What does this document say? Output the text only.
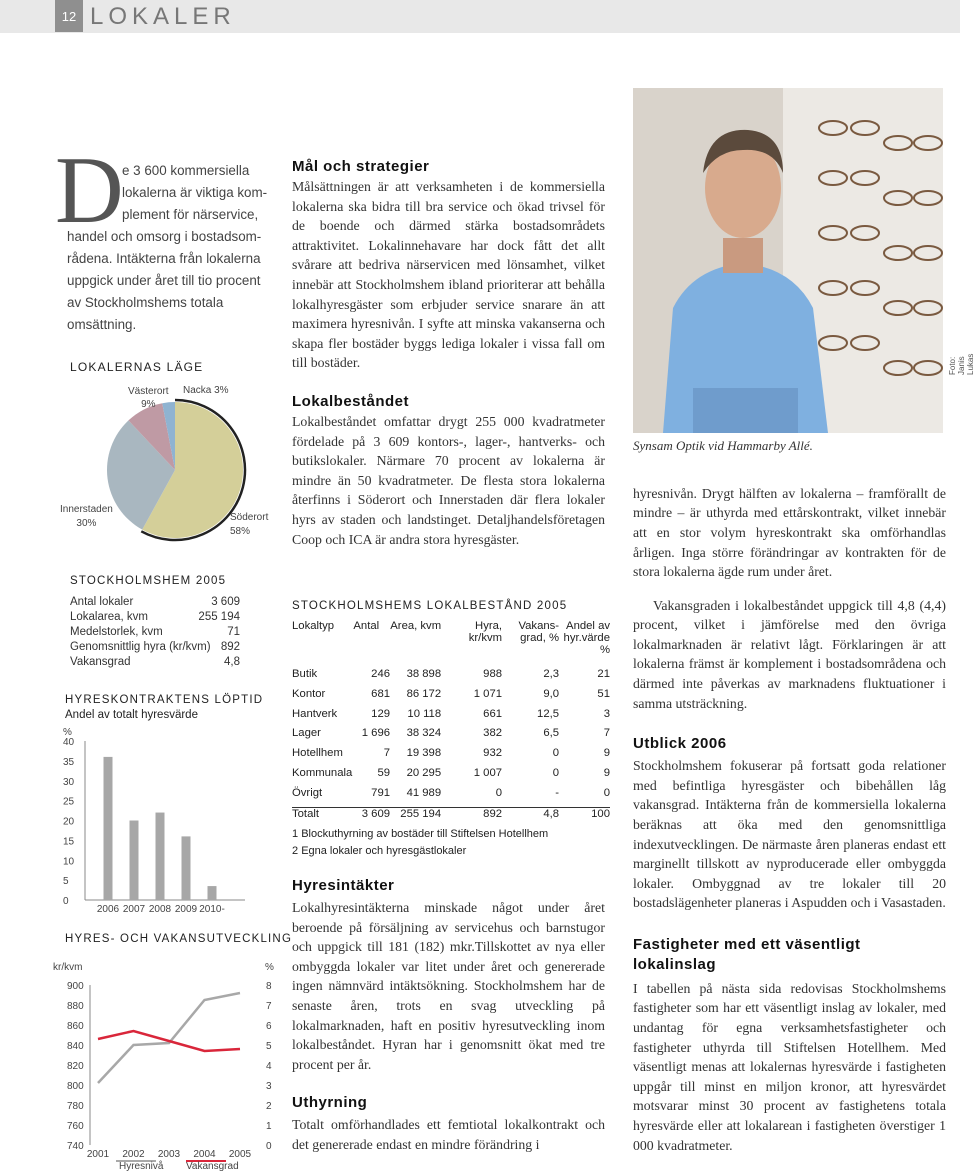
12 LOKALER
D

e 3 600 kommersiella

lokalerna är viktiga kom-

plement för närservice,

handel och omsorg i bostadsom-

rådena. Intäkterna från lokalerna

uppgick under året till tio procent

av Stockholmshems totala

omsättning.

LOKALERNAS LÄGE
Västerort
9%
Nacka 3%
Innerstaden
30%
Söderort
58%
STOCKHOLMSHEM 2005
Antal lokaler	3 609
Lokalarea, kvm	255 194
Medelstorlek, kvm	71
Genomsnittlig hyra (kr/kvm) 892
Vakansgrad	4,8
HYRESKONTRAKTENS LÖPTID
Andel av totalt hyresvärde
%
40
35
30
25
20
15
10
5
0
2006 2007 2008 2009 2010-
HYRES- OCH VAKANSUTVECKLING
kr/kvm	%
900	8
880	7
860	6
840	5
820	4
800	3
780	2
760	1
740	0
2001 2002 2003 2004 2005
Hyresnivå Vakansgrad
Mål och strategier

Målsättningen är att verksamheten i de kommersiella lokalerna ska bidra till bra service och ökad trivsel för de boende och därmed stärka bostadsområdets attraktivitet. Lokalinnehavare har dock fått det allt svårare att bedriva närservicen med lönsamhet, vilket innebär att Stockholmshem ibland prioriterar att behålla lokalhyresgäster som erbjuder service snarare än att maximera hyresnivån. I syfte att minska vakanserna och skapa fler bostäder byggs lediga lokaler i vissa fall om till bostäder.

Lokalbeståndet

Lokalbeståndet omfattar drygt 255 000 kvadratmeter fördelade på 3 609 kontors-, lager-, hantverks- och butikslokaler. Närmare 70 procent av lokalerna är mindre än 50 kvadratmeter. De flesta stora lokalerna återfinns i Söderort och Innerstaden där flera lokaler hyrs av staden och landstinget. Detaljhandelsföretagen Coop och ICA är andra stora hyresgäster.

STOCKHOLMSHEMS LOKALBESTÅND 2005
Lokaltyp	Antal	Area, kvm	Hyra, kr/kvm	Vakans- grad, %	Andel av hyr.värde %
Butik	246	38 898	988	2,3	21
Kontor	681	86 172	1 071	9,0	51
Hantverk	129	10 118	661	12,5	3
Lager	1 696	38 324	382	6,5	7
Hotellhem	7	19 398	932	0	9
Kommunala	59	20 295	1 007	0	9
Övrigt	791	41 989	0	-	0
Totalt	3 609	255 194	892	4,8	100
1 Blockuthyrning av bostäder till Stiftelsen Hotellhem
2 Egna lokaler och hyresgästlokaler
Hyresintäkter

Lokalhyresintäkterna minskade något under året beroende på försäljning av servicehus och barnstugor och uppgick till 181 (182) mkr.Tillskottet av nya eller ombyggda lokaler var litet under året och genererade ingen nämnvärd intäktsökning. Stockholmshem har de senaste åren, trots en svag utveckling på lokalmarknaden, haft en positiv hyresutveckling inom lokalbeståndet. Hyran har i genomsnitt ökat med tre procent per år.

Uthyrning

Totalt omförhandlades ett femtiotal lokalkontrakt och det genererade endast en mindre förändring i

Foto: Janis Lukas
Synsam Optik vid Hammarby Allé.

hyresnivån. Drygt hälften av lokalerna – framförallt de mindre – är uthyrda med ettårskontrakt, vilket innebär att en stor volym hyreskontrakt ska omförhandlas årligen. Inga större förändringar av kontrakten för de stora lokalerna ägde rum under året.

Vakansgraden i lokalbeståndet uppgick till 4,8 (4,4) procent, vilket i jämförelse med den övriga lokalmarknaden är relativt lågt. Förklaringen är att lokalerna främst är komplement i bostadsområdena och därmed inte påverkas av marknadens fluktuationer i samma utsträckning.

Utblick 2006

Stockholmshem fokuserar på fortsatt goda relationer med befintliga hyresgäster och bibehållen låg vakansgrad. Intäkterna från de kommersiella lokalerna beräknas att öka med den genomsnittliga indexutvecklingen. De närmaste åren planeras endast ett marginellt tillskott av nyproducerade eller ombyggda lokaler. Ombyggnad av tre lokaler till 20 bostadslägenheter planeras i Aspudden och i Vasastaden.

Fastigheter med ett väsentligt lokalinslag

I tabellen på nästa sida redovisas Stockholmshems fastigheter som har ett väsentligt inslag av lokaler, med undantag för egna verksamhetsfastigheter och fastigheter uthyrda till Stiftelsen Hotellhem. Med väsentligt menas att lokalernas hyresvärde i fastigheten uppgår till minst en miljon kronor, att hyresvärdet motsvarar minst 30 procent av fastighetens totala hyresvärde eller att lokalarean i fastigheten överstiger 1 000 kvadratmeter.
